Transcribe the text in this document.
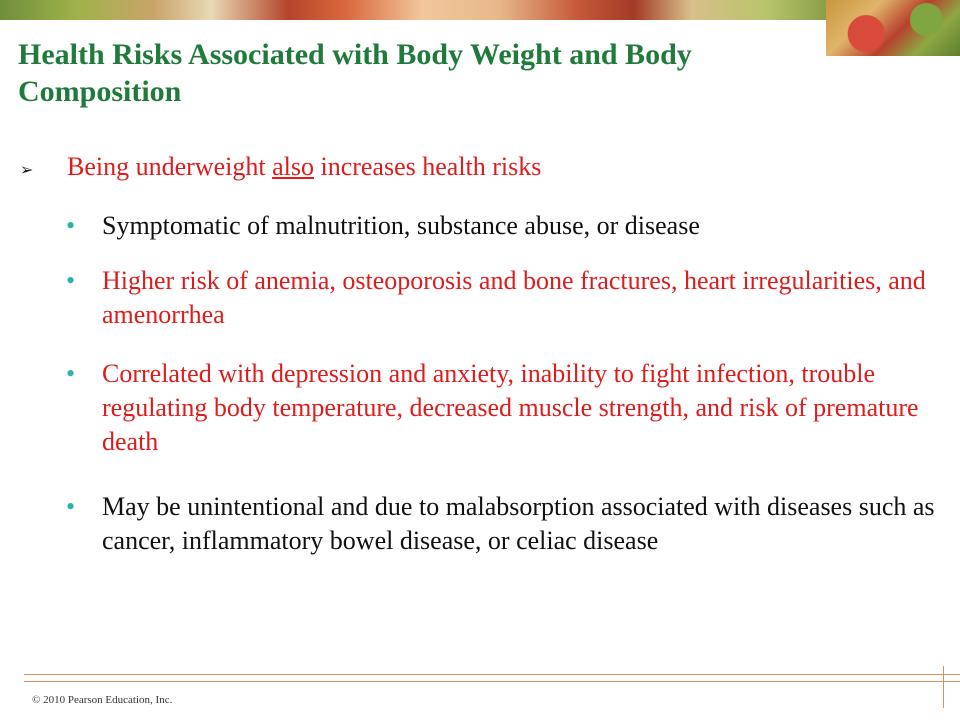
Health Risks Associated with Body Weight and Body Composition
➢	Being underweight also increases health risks
• Symptomatic of malnutrition, substance abuse, or disease
• Higher risk of anemia, osteoporosis and bone fractures, heart irregularities, and amenorrhea
• Correlated with depression and anxiety, inability to fight infection, trouble regulating body temperature, decreased muscle strength, and risk of premature death
• May be unintentional and due to malabsorption associated with diseases such as cancer, inflammatory bowel disease, or celiac disease
© 2010 Pearson Education, Inc.
